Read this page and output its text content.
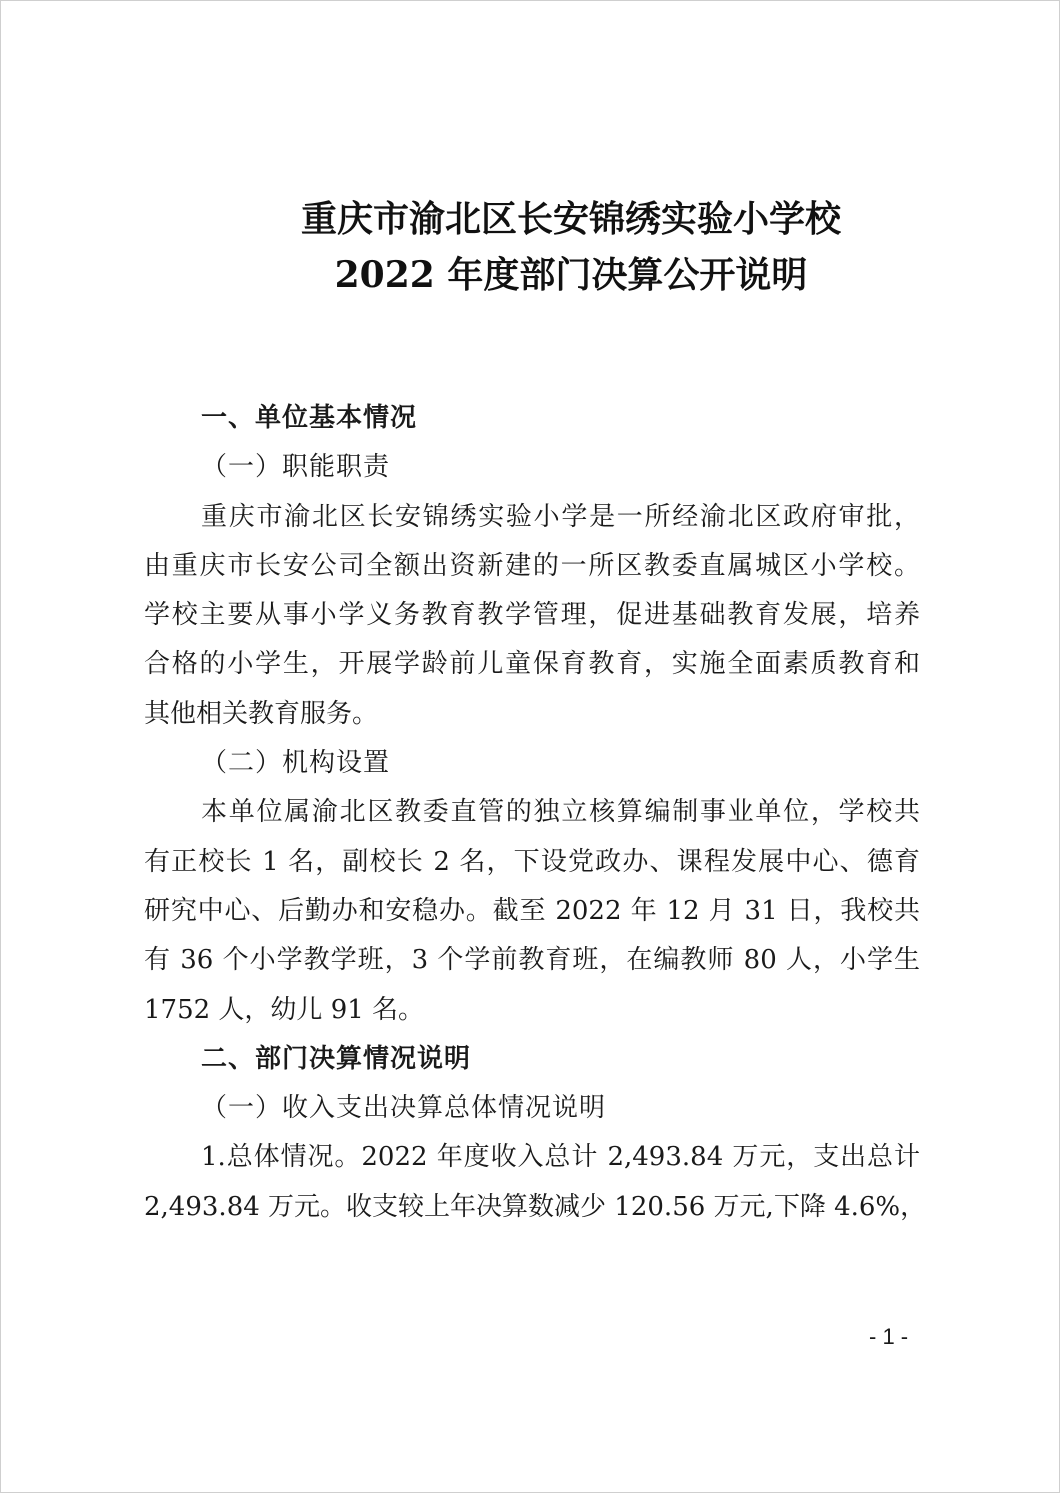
重庆市渝北区长安锦绣实验小学校
2022 年度部门决算公开说明
一、单位基本情况
（一）职能职责
重庆市渝北区长安锦绣实验小学是一所经渝北区政府审批，
由重庆市长安公司全额出资新建的一所区教委直属城区小学校。
学校主要从事小学义务教育教学管理，促进基础教育发展，培养
合格的小学生，开展学龄前儿童保育教育，实施全面素质教育和
其他相关教育服务。
（二）机构设置
本单位属渝北区教委直管的独立核算编制事业单位，学校共
有正校长 1 名，副校长 2 名，下设党政办、课程发展中心、德育
研究中心、后勤办和安稳办。截至 2022 年 12 月 31 日，我校共
有 36 个小学教学班，3 个学前教育班，在编教师 80 人，小学生
1752 人，幼儿 91 名。
二、部门决算情况说明
（一）收入支出决算总体情况说明
1.总体情况。2022 年度收入总计 2,493.84 万元，支出总计
2,493.84 万元。收支较上年决算数减少 120.56 万元,下降 4.6%，
- 1 -
